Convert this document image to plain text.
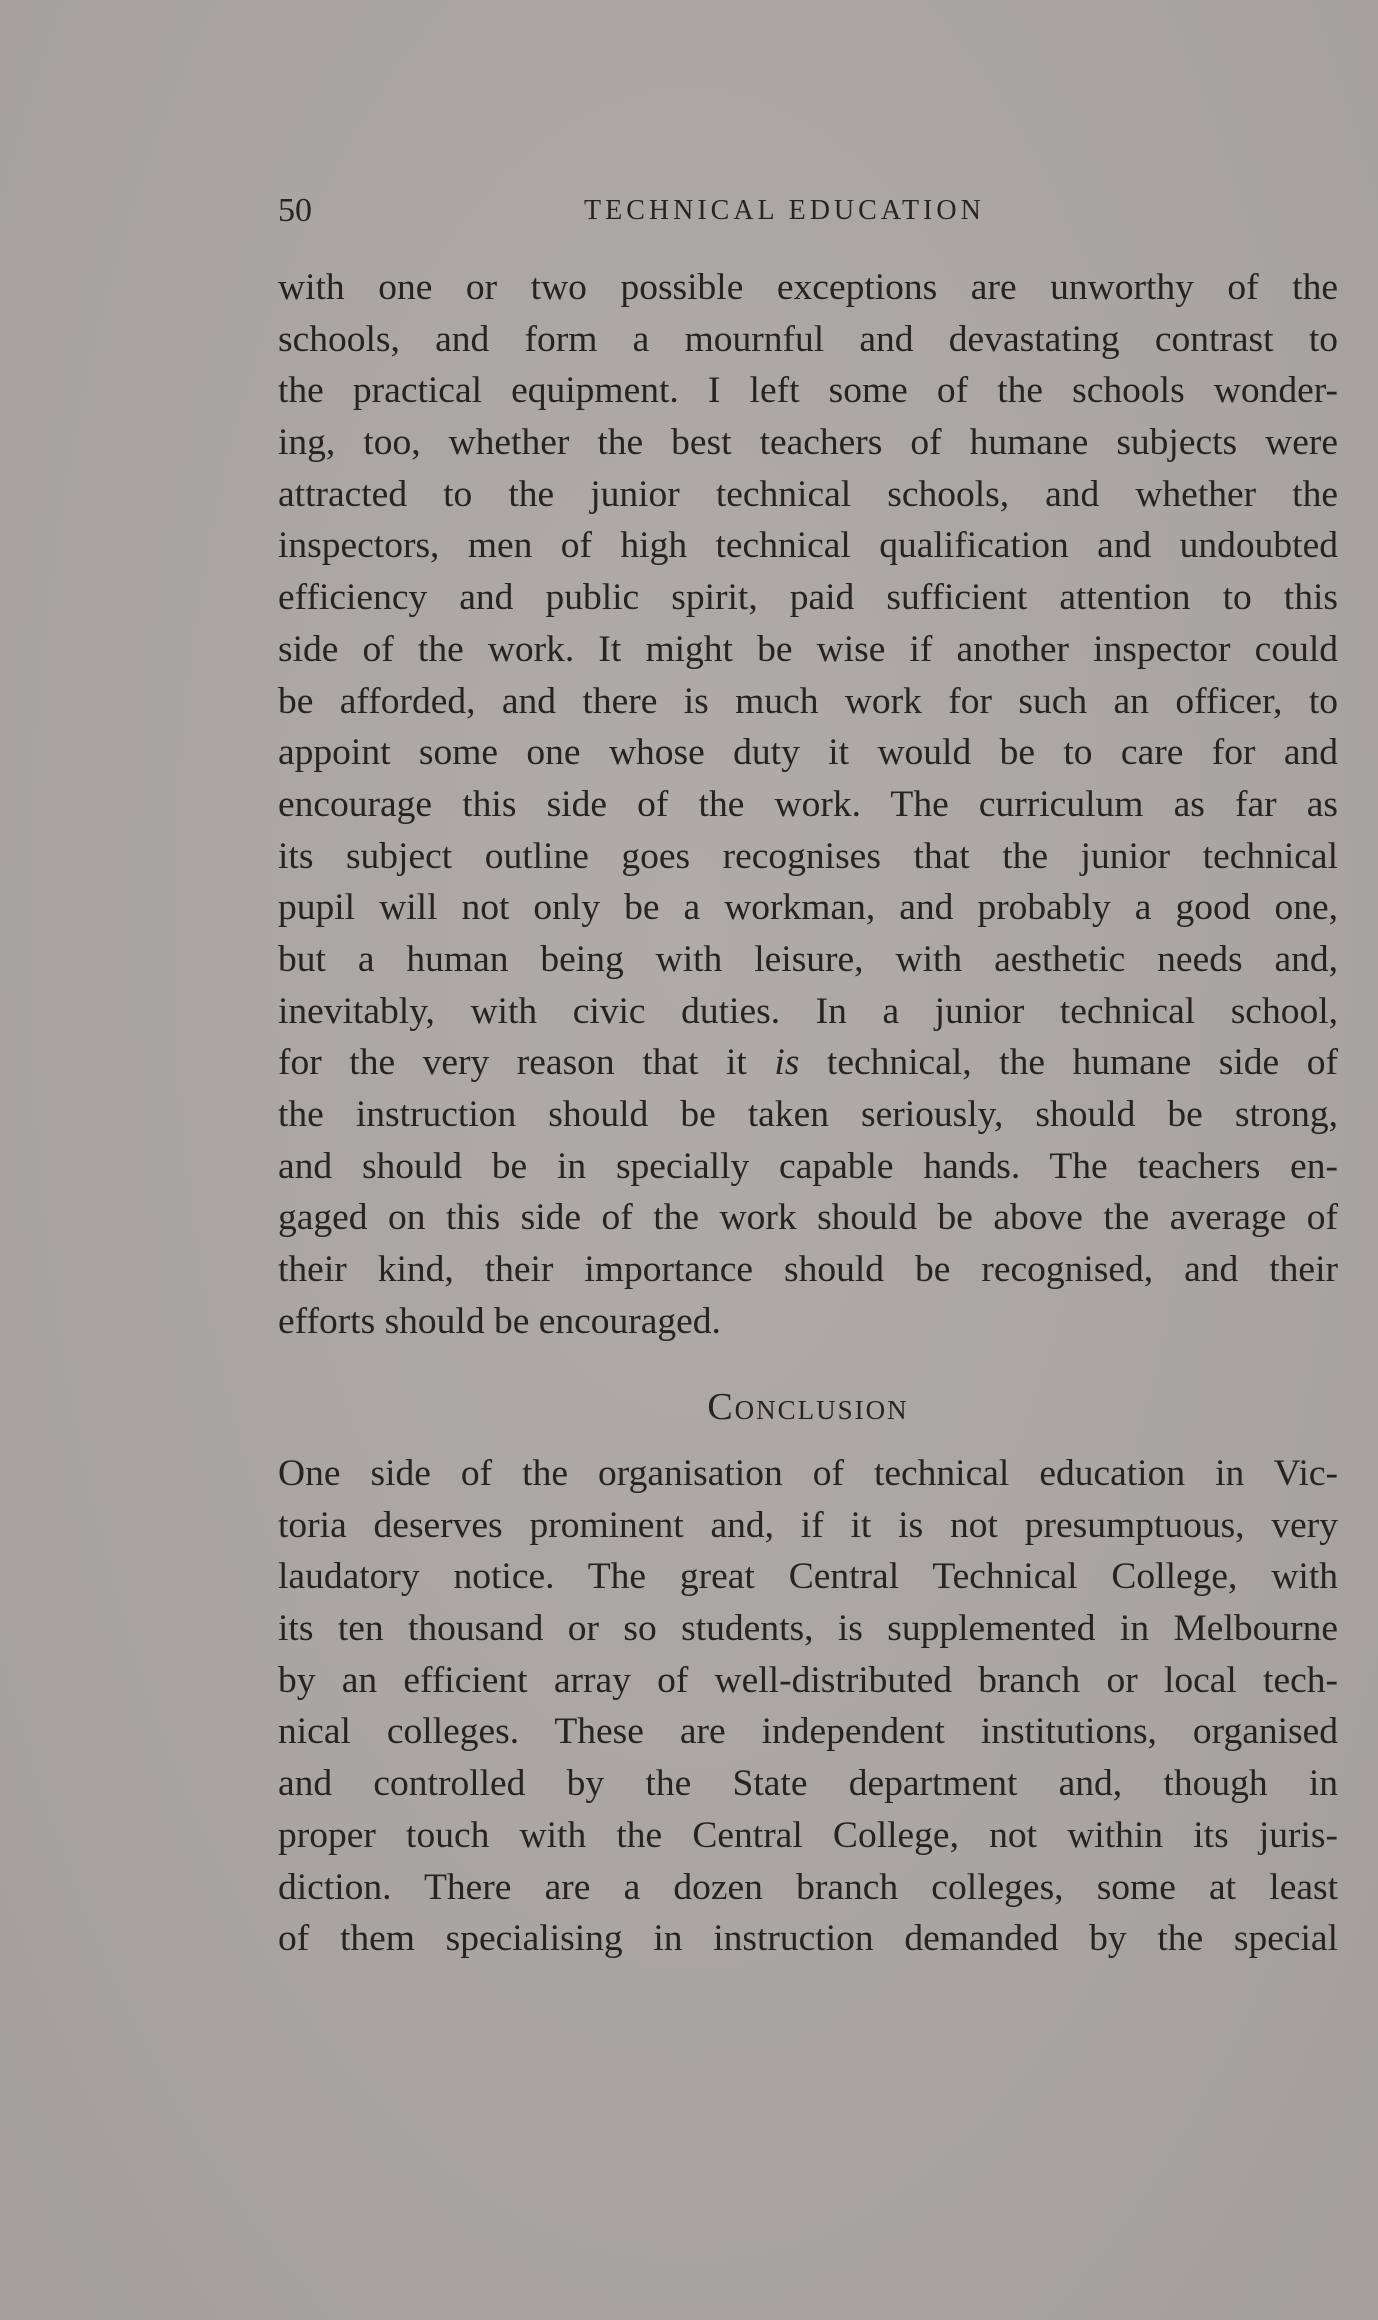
50	TECHNICAL EDUCATION
with one or two possible exceptions are unworthy of the
schools, and form a mournful and devastating contrast to
the practical equipment. I left some of the schools wonder-
ing, too, whether the best teachers of humane subjects were
attracted to the junior technical schools, and whether the
inspectors, men of high technical qualification and undoubted
efficiency and public spirit, paid sufficient attention to this
side of the work. It might be wise if another inspector could
be afforded, and there is much work for such an officer, to
appoint some one whose duty it would be to care for and
encourage this side of the work. The curriculum as far as
its subject outline goes recognises that the junior technical
pupil will not only be a workman, and probably a good one,
but a human being with leisure, with aesthetic needs and,
inevitably, with civic duties. In a junior technical school,
for the very reason that it is technical, the humane side of
the instruction should be taken seriously, should be strong,
and should be in specially capable hands. The teachers en-
gaged on this side of the work should be above the average of
their kind, their importance should be recognised, and their
efforts should be encouraged.
Conclusion
One side of the organisation of technical education in Vic-
toria deserves prominent and, if it is not presumptuous, very
laudatory notice. The great Central Technical College, with
its ten thousand or so students, is supplemented in Melbourne
by an efficient array of well-distributed branch or local tech-
nical colleges. These are independent institutions, organised
and controlled by the State department and, though in
proper touch with the Central College, not within its juris-
diction. There are a dozen branch colleges, some at least
of them specialising in instruction demanded by the special
